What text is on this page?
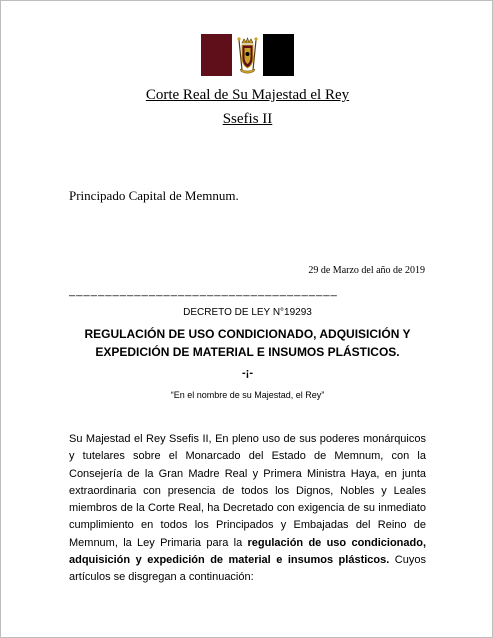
Corte Real de Su Majestad el Rey
Ssefis II
Principado Capital de Memnum.
29 de Marzo del año de 2019
_____________________________________
DECRETO DE LEY N°19293
REGULACIÓN DE USO CONDICIONADO, ADQUISICIÓN Y EXPEDICIÓN DE MATERIAL E INSUMOS PLÁSTICOS.
-¡-
“En el nombre de su Majestad, el Rey”
Su Majestad el Rey Ssefis II, En pleno uso de sus poderes monárquicos y tutelares sobre el Monarcado del Estado de Memnum, con la Consejería de la Gran Madre Real y Primera Ministra Haya, en junta extraordinaria con presencia de todos los Dignos, Nobles y Leales miembros de la Corte Real, ha Decretado con exigencia de su inmediato cumplimiento en todos los Principados y Embajadas del Reino de Memnum, la Ley Primaria para la regulación de uso condicionado, adquisición y expedición de material e insumos plásticos. Cuyos artículos se disgregan a continuación:
